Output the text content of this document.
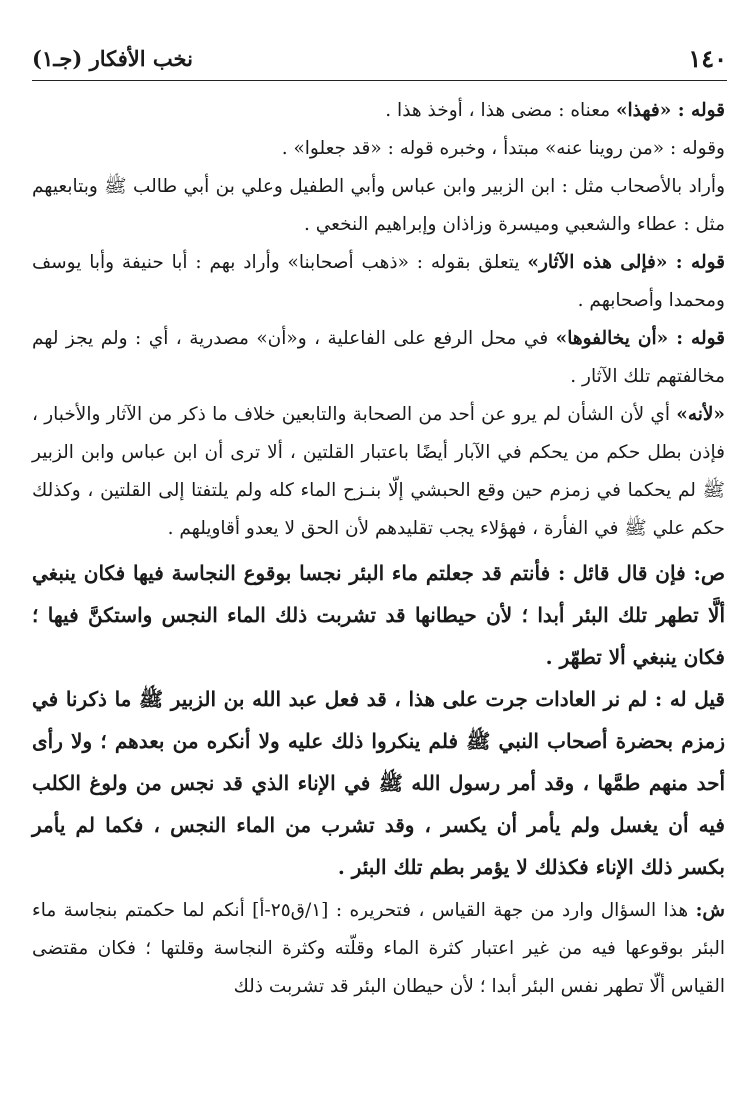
١٤٠
نخب الأفكار (جـ١)

قوله : «فهذا» معناه : مضى هذا ، أوخذ هذا .

وقوله : «من روينا عنه» مبتدأ ، وخبره قوله : «قد جعلوا» .

وأراد بالأصحاب مثل : ابن الزبير وابن عباس وأبي الطفيل وعلي بن أبي طالب ﷺ وبتابعيهم مثل : عطاء والشعبي وميسرة وزاذان وإبراهيم النخعي .

قوله : «فإلى هذه الآثار» يتعلق بقوله : «ذهب أصحابنا» وأراد بهم : أبا حنيفة وأبا يوسف ومحمدا وأصحابهم .

قوله : «أن يخالفوها» في محل الرفع على الفاعلية ، و«أن» مصدرية ، أي : ولم يجز لهم مخالفتهم تلك الآثار .

«لأنه» أي لأن الشأن لم يرو عن أحد من الصحابة والتابعين خلاف ما ذكر من الآثار والأخبار ، فإذن بطل حكم من يحكم في الآبار أيضًا باعتبار القلتين ، ألا ترى أن ابن عباس وابن الزبير ﷺ لم يحكما في زمزم حين وقع الحبشي إلّا بنـزح الماء كله ولم يلتفتا إلى القلتين ، وكذلك حكم علي ﷺ في الفأرة ، فهؤلاء يجب تقليدهم لأن الحق لا يعدو أقاويلهم .

ص: فإن قال قائل : فأنتم قد جعلتم ماء البئر نجسا بوقوع النجاسة فيها فكان ينبغي ألَّا تطهر تلك البئر أبدا ؛ لأن حيطانها قد تشربت ذلك الماء النجس واستكنَّ فيها ؛ فكان ينبغي ألا تطهّر .

قيل له : لم نر العادات جرت على هذا ، قد فعل عبد الله بن الزبير ﷺ ما ذكرنا في زمزم بحضرة أصحاب النبي ﷺ فلم ينكروا ذلك عليه ولا أنكره من بعدهم ؛ ولا رأى أحد منهم طمَّها ، وقد أمر رسول الله ﷺ في الإناء الذي قد نجس من ولوغ الكلب فيه أن يغسل ولم يأمر أن يكسر ، وقد تشرب من الماء النجس ، فكما لم يأمر بكسر ذلك الإناء فكذلك لا يؤمر بطم تلك البئر .

ش: هذا السؤال وارد من جهة القياس ، فتحريره : [١/ق٢٥-أ] أنكم لما حكمتم بنجاسة ماء البئر بوقوعها فيه من غير اعتبار كثرة الماء وقلّته وكثرة النجاسة وقلتها ؛ فكان مقتضى القياس ألّا تطهر نفس البئر أبدا ؛ لأن حيطان البئر قد تشربت ذلك
